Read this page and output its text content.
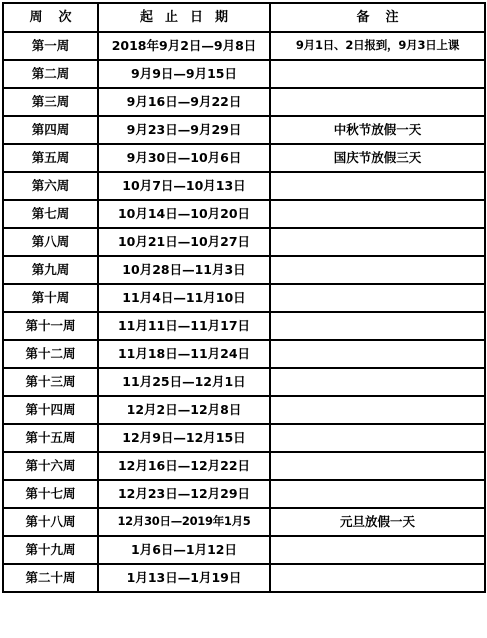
周次	起止日期	备注
第一周	2018年9月2日—9月8日	9月1日、2日报到，9月3日上课
第二周	9月9日—9月15日	
第三周	9月16日—9月22日	
第四周	9月23日—9月29日	中秋节放假一天
第五周	9月30日—10月6日	国庆节放假三天
第六周	10月7日—10月13日	
第七周	10月14日—10月20日	
第八周	10月21日—10月27日	
第九周	10月28日—11月3日	
第十周	11月4日—11月10日	
第十一周	11月11日—11月17日	
第十二周	11月18日—11月24日	
第十三周	11月25日—12月1日	
第十四周	12月2日—12月8日	
第十五周	12月9日—12月15日	
第十六周	12月16日—12月22日	
第十七周	12月23日—12月29日	
第十八周	12月30日—2019年1月5	元旦放假一天
第十九周	1月6日—1月12日	
第二十周	1月13日—1月19日	
